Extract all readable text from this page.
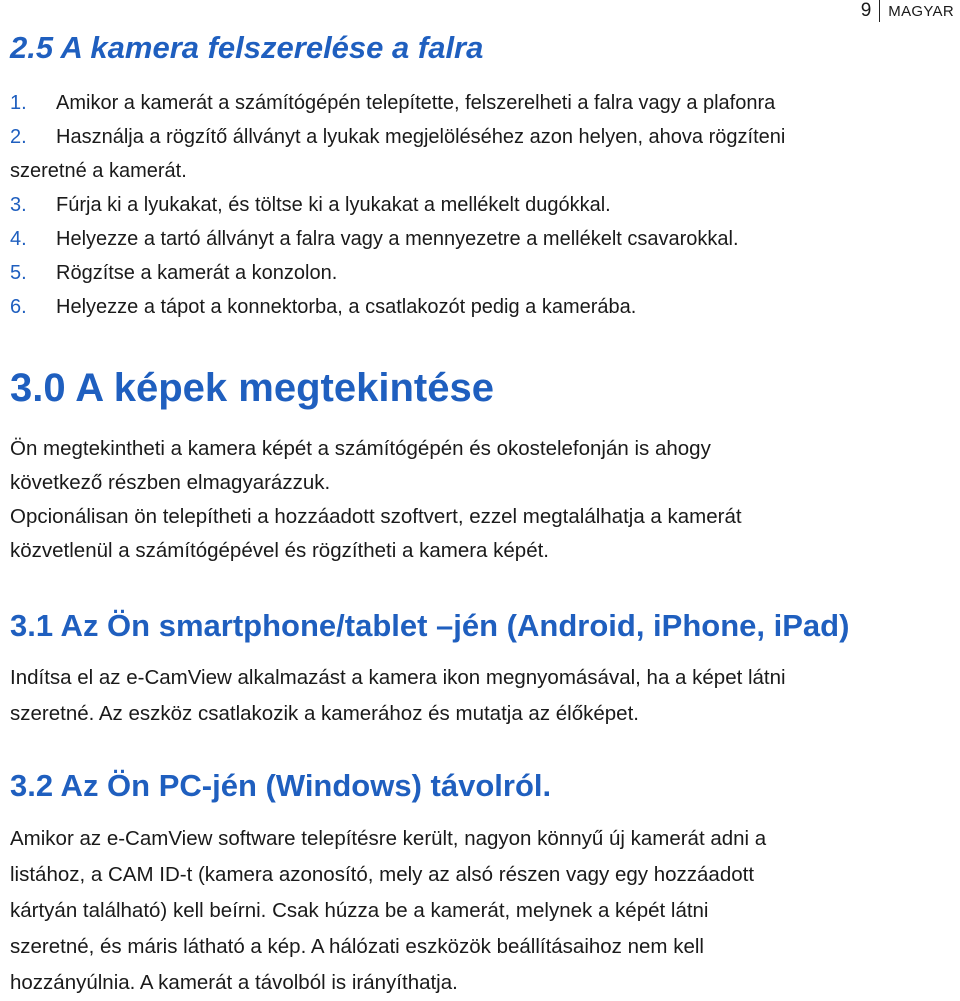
9	MAGYAR
2.5 A kamera felszerelése a falra
1. Amikor a kamerát a számítógépén telepítette, felszerelheti a falra vagy a plafonra
2. Használja a rögzítő állványt a lyukak megjelöléséhez azon helyen, ahova rögzíteni
szeretné a kamerát.
3. Fúrja ki a lyukakat, és töltse ki a lyukakat a mellékelt dugókkal.
4. Helyezze a tartó állványt a falra vagy a mennyezetre a mellékelt csavarokkal.
5. Rögzítse a kamerát a konzolon.
6. Helyezze a tápot a konnektorba, a csatlakozót pedig a kamerába.
3.0 A képek megtekintése
Ön megtekintheti a kamera képét a számítógépén és okostelefonján is ahogy
következő részben elmagyarázzuk.
Opcionálisan ön telepítheti a hozzáadott szoftvert, ezzel megtalálhatja a kamerát
közvetlenül a számítógépével és rögzítheti a kamera képét.
3.1 Az Ön smartphone/tablet –jén (Android, iPhone, iPad)
Indítsa el az e-CamView alkalmazást a kamera ikon megnyomásával, ha a képet látni
szeretné. Az eszköz csatlakozik a kamerához és mutatja az élőképet.
3.2 Az Ön PC-jén (Windows) távolról.
Amikor az e-CamView software telepítésre került, nagyon könnyű új kamerát adni a
listához, a CAM ID-t (kamera azonosító, mely az alsó részen vagy egy hozzáadott
kártyán található) kell beírni. Csak húzza be a kamerát, melynek a képét látni
szeretné, és máris látható a kép. A hálózati eszközök beállításaihoz nem kell
hozzányúlnia. A kamerát a távolból is irányíthatja.
